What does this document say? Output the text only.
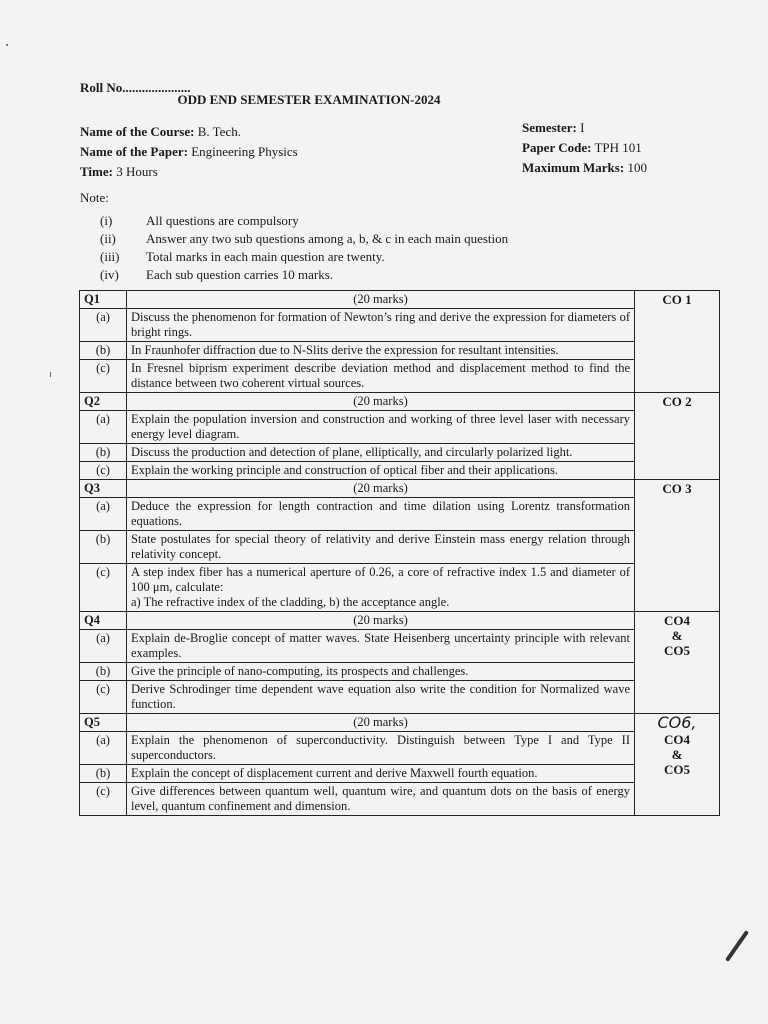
Roll No.....................
ODD END SEMESTER EXAMINATION-2024
Name of the Course: B. Tech.
Name of the Paper: Engineering Physics
Time: 3 Hours
Semester: I
Paper Code: TPH 101
Maximum Marks: 100
Note:
(i)	All questions are compulsory
(ii)	Answer any two sub questions among a, b, & c in each main question
(iii)	Total marks in each main question are twenty.
(iv)	Each sub question carries 10 marks.
Q1	(20 marks)	CO 1
(a)	Discuss the phenomenon for formation of Newton’s ring and derive the expression for diameters of bright rings.	

(b)	In Fraunhofer diffraction due to N-Slits derive the expression for resultant intensities.	

(c)	In Fresnel biprism experiment describe deviation method and displacement method to find the distance between two coherent virtual sources.	

Q2	(20 marks)	CO 2
(a)	Explain the population inversion and construction and working of three level laser with necessary energy level diagram.	

(b)	Discuss the production and detection of plane, elliptically, and circularly polarized light.	

(c)	Explain the working principle and construction of optical fiber and their applications.	

Q3	(20 marks)	CO 3
(a)	Deduce the expression for length contraction and time dilation using Lorentz transformation equations.	

(b)	State postulates for special theory of relativity and derive Einstein mass energy relation through relativity concept.	

(c)	A step index fiber has a numerical aperture of 0.26, a core of refractive index 1.5 and diameter of 100 μm, calculate:
a) The refractive index of the cladding, b) the acceptance angle.	

Q4	(20 marks)	CO4
&
CO5

(a)	Explain de-Broglie concept of matter waves. State Heisenberg uncertainty principle with relevant examples.	

(b)	Give the principle of nano-computing, its prospects and challenges.	

(c)	Derive Schrodinger time dependent wave equation also write the condition for Normalized wave function.	

Q5	(20 marks)	CO6,
CO4
&
CO5

(a)	Explain the phenomenon of superconductivity. Distinguish between Type I and Type II superconductors.	

(b)	Explain the concept of displacement current and derive Maxwell fourth equation.	

(c)	Give differences between quantum well, quantum wire, and quantum dots on the basis of energy level, quantum confinement and dimension.	
